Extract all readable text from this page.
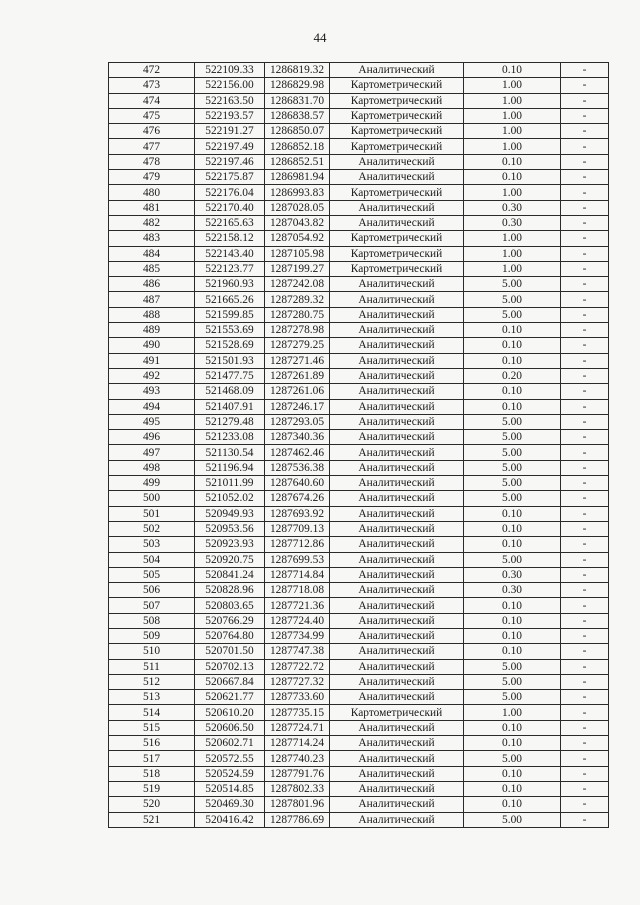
44
472	522109.33	1286819.32	Аналитический	0.10	-
473	522156.00	1286829.98	Картометрический	1.00	-
474	522163.50	1286831.70	Картометрический	1.00	-
475	522193.57	1286838.57	Картометрический	1.00	-
476	522191.27	1286850.07	Картометрический	1.00	-
477	522197.49	1286852.18	Картометрический	1.00	-
478	522197.46	1286852.51	Аналитический	0.10	-
479	522175.87	1286981.94	Аналитический	0.10	-
480	522176.04	1286993.83	Картометрический	1.00	-
481	522170.40	1287028.05	Аналитический	0.30	-
482	522165.63	1287043.82	Аналитический	0.30	-
483	522158.12	1287054.92	Картометрический	1.00	-
484	522143.40	1287105.98	Картометрический	1.00	-
485	522123.77	1287199.27	Картометрический	1.00	-
486	521960.93	1287242.08	Аналитический	5.00	-
487	521665.26	1287289.32	Аналитический	5.00	-
488	521599.85	1287280.75	Аналитический	5.00	-
489	521553.69	1287278.98	Аналитический	0.10	-
490	521528.69	1287279.25	Аналитический	0.10	-
491	521501.93	1287271.46	Аналитический	0.10	-
492	521477.75	1287261.89	Аналитический	0.20	-
493	521468.09	1287261.06	Аналитический	0.10	-
494	521407.91	1287246.17	Аналитический	0.10	-
495	521279.48	1287293.05	Аналитический	5.00	-
496	521233.08	1287340.36	Аналитический	5.00	-
497	521130.54	1287462.46	Аналитический	5.00	-
498	521196.94	1287536.38	Аналитический	5.00	-
499	521011.99	1287640.60	Аналитический	5.00	-
500	521052.02	1287674.26	Аналитический	5.00	-
501	520949.93	1287693.92	Аналитический	0.10	-
502	520953.56	1287709.13	Аналитический	0.10	-
503	520923.93	1287712.86	Аналитический	0.10	-
504	520920.75	1287699.53	Аналитический	5.00	-
505	520841.24	1287714.84	Аналитический	0.30	-
506	520828.96	1287718.08	Аналитический	0.30	-
507	520803.65	1287721.36	Аналитический	0.10	-
508	520766.29	1287724.40	Аналитический	0.10	-
509	520764.80	1287734.99	Аналитический	0.10	-
510	520701.50	1287747.38	Аналитический	0.10	-
511	520702.13	1287722.72	Аналитический	5.00	-
512	520667.84	1287727.32	Аналитический	5.00	-
513	520621.77	1287733.60	Аналитический	5.00	-
514	520610.20	1287735.15	Картометрический	1.00	-
515	520606.50	1287724.71	Аналитический	0.10	-
516	520602.71	1287714.24	Аналитический	0.10	-
517	520572.55	1287740.23	Аналитический	5.00	-
518	520524.59	1287791.76	Аналитический	0.10	-
519	520514.85	1287802.33	Аналитический	0.10	-
520	520469.30	1287801.96	Аналитический	0.10	-
521	520416.42	1287786.69	Аналитический	5.00	-
